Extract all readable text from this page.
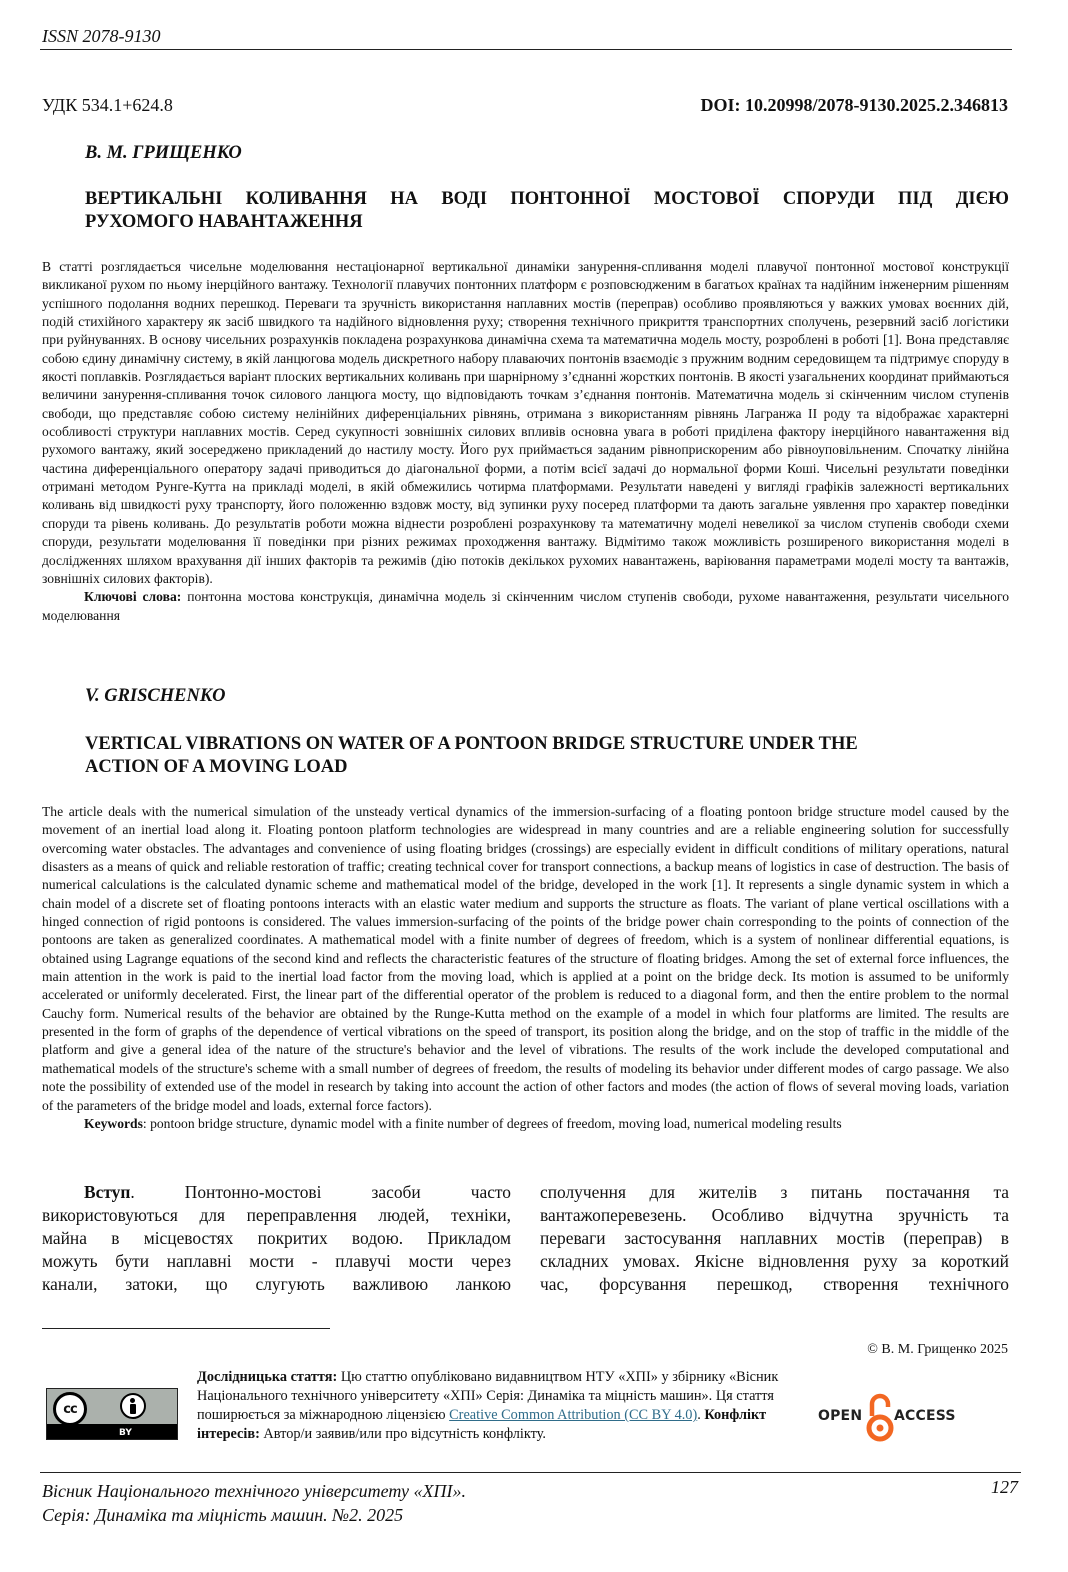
ISSN 2078-9130
УДК 534.1+624.8	DOI: 10.20998/2078-9130.2025.2.346813
В. М. ГРИЩЕНКО
ВЕРТИКАЛЬНІ КОЛИВАННЯ НА ВОДІ ПОНТОННОЇ МОСТОВОЇ СПОРУДИ ПІД ДІЄЮ
РУХОМОГО НАВАНТАЖЕННЯ
В статті розглядається чисельне моделювання нестаціонарної вертикальної динаміки занурення-спливання моделі плавучої понтонної мостової конструкції викликаної рухом по ньому інерційного вантажу. Технології плавучих понтонних платформ є розповсюдженим в багатьох країнах та надійним інженерним рішенням успішного подолання водних перешкод. Переваги та зручність використання наплавних мостів (переправ) особливо проявляються у важких умовах воєнних дій, подій стихійного характеру як засіб швидкого та надійного відновлення руху; створення технічного прикриття транспортних сполучень, резервний засіб логістики при руйнуваннях. В основу чисельних розрахунків покладена розрахункова динамічна схема та математична модель мосту, розроблені в роботі [1]. Вона представляє собою єдину динамічну систему, в якій ланцюгова модель дискретного набору плаваючих понтонів взаємодіє з пружним водним середовищем та підтримує споруду в якості поплавків. Розглядається варіант плоских вертикальних коливань при шарнірному з’єднанні жорстких понтонів. В якості узагальнених координат приймаються величини занурення-спливання точок силового ланцюга мосту, що відповідають точкам з’єднання понтонів. Математична модель зі скінченним числом ступенів свободи, що представляє собою систему нелінійних диференціальних рівнянь, отримана з використанням рівнянь Лагранжа ІІ роду та відображає характерні особливості структури наплавних мостів. Серед сукупності зовнішніх силових впливів основна увага в роботі приділена фактору інерційного навантаження від рухомого вантажу, який зосереджено прикладений до настилу мосту. Його рух приймається заданим рівноприскореним або рівноуповільненим. Спочатку лінійна частина диференціального оператору задачі приводиться до діагональної форми, а потім всієї задачі до нормальної форми Коші. Чисельні результати поведінки отримані методом Рунге-Кутта на прикладі моделі, в якій обмежились чотирма платформами. Результати наведені у вигляді графіків залежності вертикальних коливань від швидкості руху транспорту, його положенню вздовж мосту, від зупинки руху посеред платформи та дають загальне уявлення про характер поведінки споруди та рівень коливань. До результатів роботи можна віднести розроблені розрахункову та математичну моделі невеликої за числом ступенів свободи схеми споруди, результати моделювання її поведінки при різних режимах проходження вантажу. Відмітимо також можливість розширеного використання моделі в дослідженнях шляхом врахування дії інших факторів та режимів (дію потоків декількох рухомих навантажень, варіювання параметрами моделі мосту та вантажів, зовнішніх силових факторів).
Ключові слова: понтонна мостова конструкція, динамічна модель зі скінченним числом ступенів свободи, рухоме навантаження, результати чисельного моделювання
V. GRISCHENKO
VERTICAL VIBRATIONS ON WATER OF A PONTOON BRIDGE STRUCTURE UNDER THE
ACTION OF A MOVING LOAD
The article deals with the numerical simulation of the unsteady vertical dynamics of the immersion-surfacing of a floating pontoon bridge structure model caused by the movement of an inertial load along it. Floating pontoon platform technologies are widespread in many countries and are a reliable engineering solution for successfully overcoming water obstacles. The advantages and convenience of using floating bridges (crossings) are especially evident in difficult conditions of military operations, natural disasters as a means of quick and reliable restoration of traffic; creating technical cover for transport connections, a backup means of logistics in case of destruction. The basis of numerical calculations is the calculated dynamic scheme and mathematical model of the bridge, developed in the work [1]. It represents a single dynamic system in which a chain model of a discrete set of floating pontoons interacts with an elastic water medium and supports the structure as floats. The variant of plane vertical oscillations with a hinged connection of rigid pontoons is considered. The values immersion-surfacing of the points of the bridge power chain corresponding to the points of connection of the pontoons are taken as generalized coordinates. A mathematical model with a finite number of degrees of freedom, which is a system of nonlinear differential equations, is obtained using Lagrange equations of the second kind and reflects the characteristic features of the structure of floating bridges. Among the set of external force influences, the main attention in the work is paid to the inertial load factor from the moving load, which is applied at a point on the bridge deck. Its motion is assumed to be uniformly accelerated or uniformly decelerated. First, the linear part of the differential operator of the problem is reduced to a diagonal form, and then the entire problem to the normal Cauchy form. Numerical results of the behavior are obtained by the Runge-Kutta method on the example of a model in which four platforms are limited. The results are presented in the form of graphs of the dependence of vertical vibrations on the speed of transport, its position along the bridge, and on the stop of traffic in the middle of the platform and give a general idea of the nature of the structure's behavior and the level of vibrations. The results of the work include the developed computational and mathematical models of the structure's scheme with a small number of degrees of freedom, the results of modeling its behavior under different modes of cargo passage. We also note the possibility of extended use of the model in research by taking into account the action of other factors and modes (the action of flows of several moving loads, variation of the parameters of the bridge model and loads, external force factors).
Keywords: pontoon bridge structure, dynamic model with a finite number of degrees of freedom, moving load, numerical modeling results
Вступ. Понтонно-мостові засоби часто
використовуються для переправлення людей, техніки,
майна в місцевостях покритих водою. Прикладом
можуть бути наплавні мости - плавучі мости через
канали, затоки, що слугують важливою ланкою
сполучення для жителів з питань постачання та
вантажоперевезень. Особливо відчутна зручність та
переваги застосування наплавних мостів (переправ) в
складних умовах. Якісне відновлення руху за короткий
час, форсування перешкод, створення технічного
© В. М. Грищенко 2025
cc
BY
Дослідницька стаття: Цю статтю опубліковано видавництвом НТУ «ХПІ» у збірнику «Вісник Національного технічного університету «ХПІ» Серія: Динаміка та міцність машин». Ця стаття поширюється за міжнародною ліцензією Creative Common Attribution (CC BY 4.0). Конфлікт інтересів: Автор/и заявив/или про відсутність конфлікту.
OPEN ACCESS
Вісник Національного технічного університету «ХПІ».
Серія: Динаміка та міцність машин. №2. 2025
127
